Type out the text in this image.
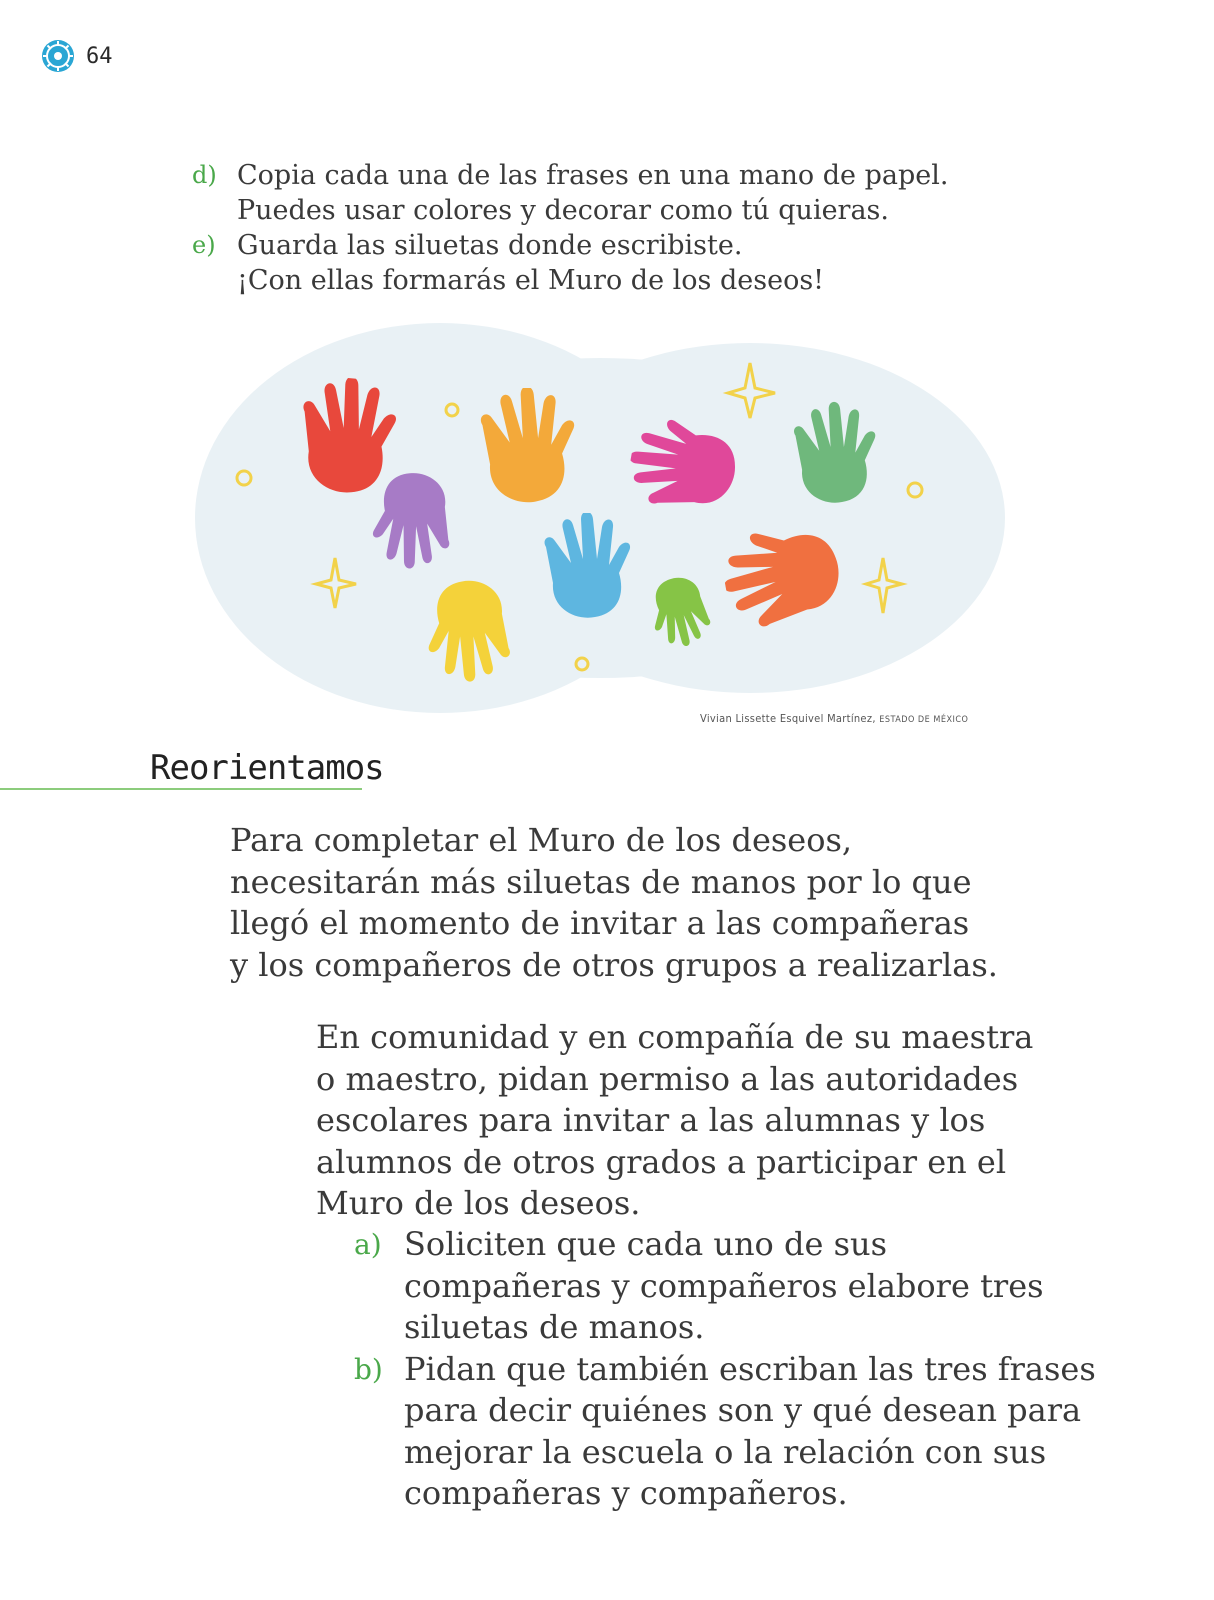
64
d) Copia cada una de las frases en una mano de papel.
Puedes usar colores y decorar como tú quieras.
e) Guarda las siluetas donde escribiste.
¡Con ellas formarás el Muro de los deseos!
Vivian Lissette Esquivel Martínez, ESTADO DE MÉXICO
Reorientamos
Para completar el Muro de los deseos,
necesitarán más siluetas de manos por lo que
llegó el momento de invitar a las compañeras
y los compañeros de otros grupos a realizarlas.
En comunidad y en compañía de su maestra
o maestro, pidan permiso a las autoridades
escolares para invitar a las alumnas y los
alumnos de otros grados a participar en el
Muro de los deseos.
a) Soliciten que cada uno de sus
compañeras y compañeros elabore tres
siluetas de manos.
b) Pidan que también escriban las tres frases
para decir quiénes son y qué desean para
mejorar la escuela o la relación con sus
compañeras y compañeros.
